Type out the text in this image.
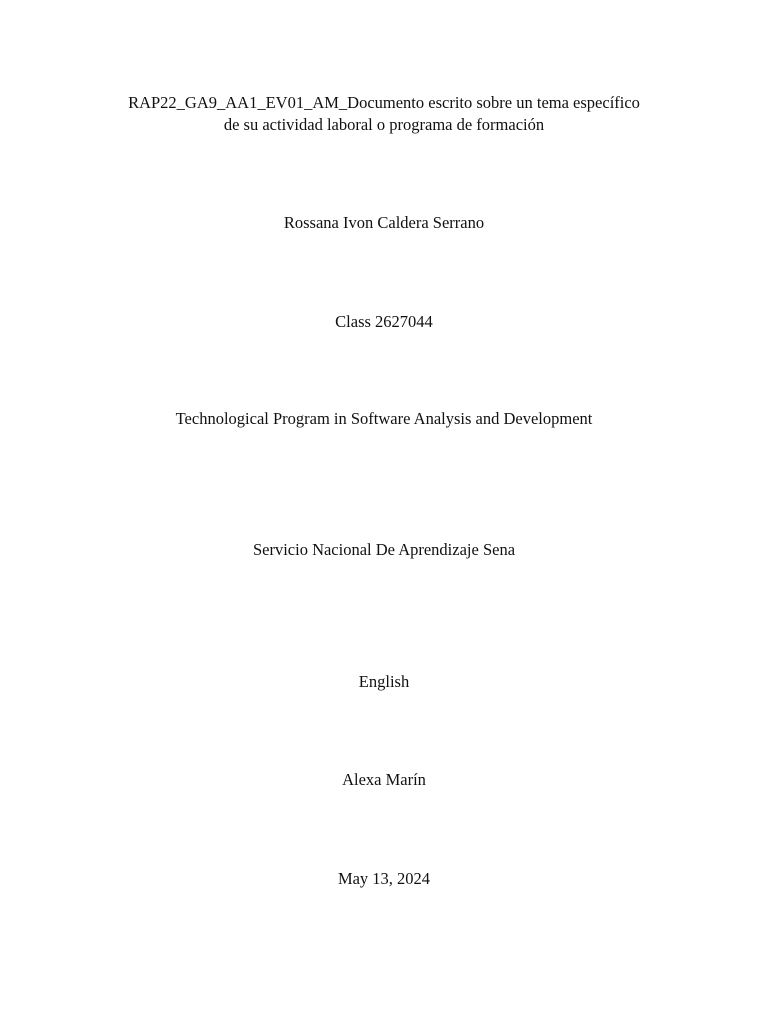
RAP22_GA9_AA1_EV01_AM_Documento escrito sobre un tema específico
de su actividad laboral o programa de formación
Rossana Ivon Caldera Serrano
Class 2627044
Technological Program in Software Analysis and Development
Servicio Nacional De Aprendizaje Sena
English
Alexa Marín
May 13, 2024
